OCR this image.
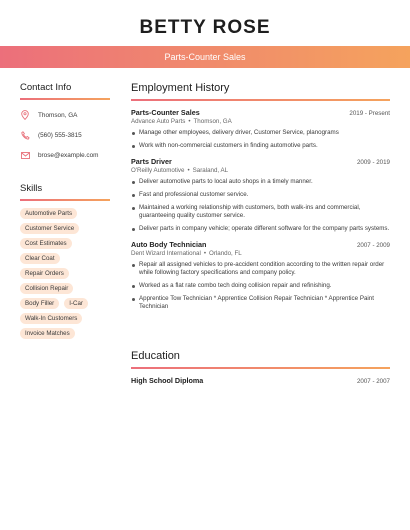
BETTY ROSE
Parts-Counter Sales
Contact Info
Thomson, GA
(560) 555-3815
brose@example.com
Skills
Automotive Parts
Customer Service
Cost Estimates
Clear Coat
Repair Orders
Collision Repair
Body Filler	I-Car
Walk-In Customers
Invoice Matches
Employment History
Parts-Counter Sales	2019 - Present
Advance Auto Parts • Thomson, GA
Manage other employees, delivery driver, Customer Service, planograms
Work with non-commercial customers in finding automotive parts.
Parts Driver	2009 - 2019
O'Reilly Automotive • Saraland, AL
Deliver automotive parts to local auto shops in a timely manner.
Fast and professional customer service.
Maintained a working relationship with customers, both walk-ins and commercial, guaranteeing quality customer service.
Deliver parts in company vehicle; operate different software for the company parts systems.
Auto Body Technician	2007 - 2009
Dent Wizard International • Orlando, FL
Repair all assigned vehicles to pre-accident condition according to the written repair order while following factory specifications and company policy.
Worked as a flat rate combo tech doing collision repair and refinishing.
Apprentice Tow Technician * Apprentice Collision Repair Technician * Apprentice Paint Technician
Education
High School Diploma	2007 - 2007
